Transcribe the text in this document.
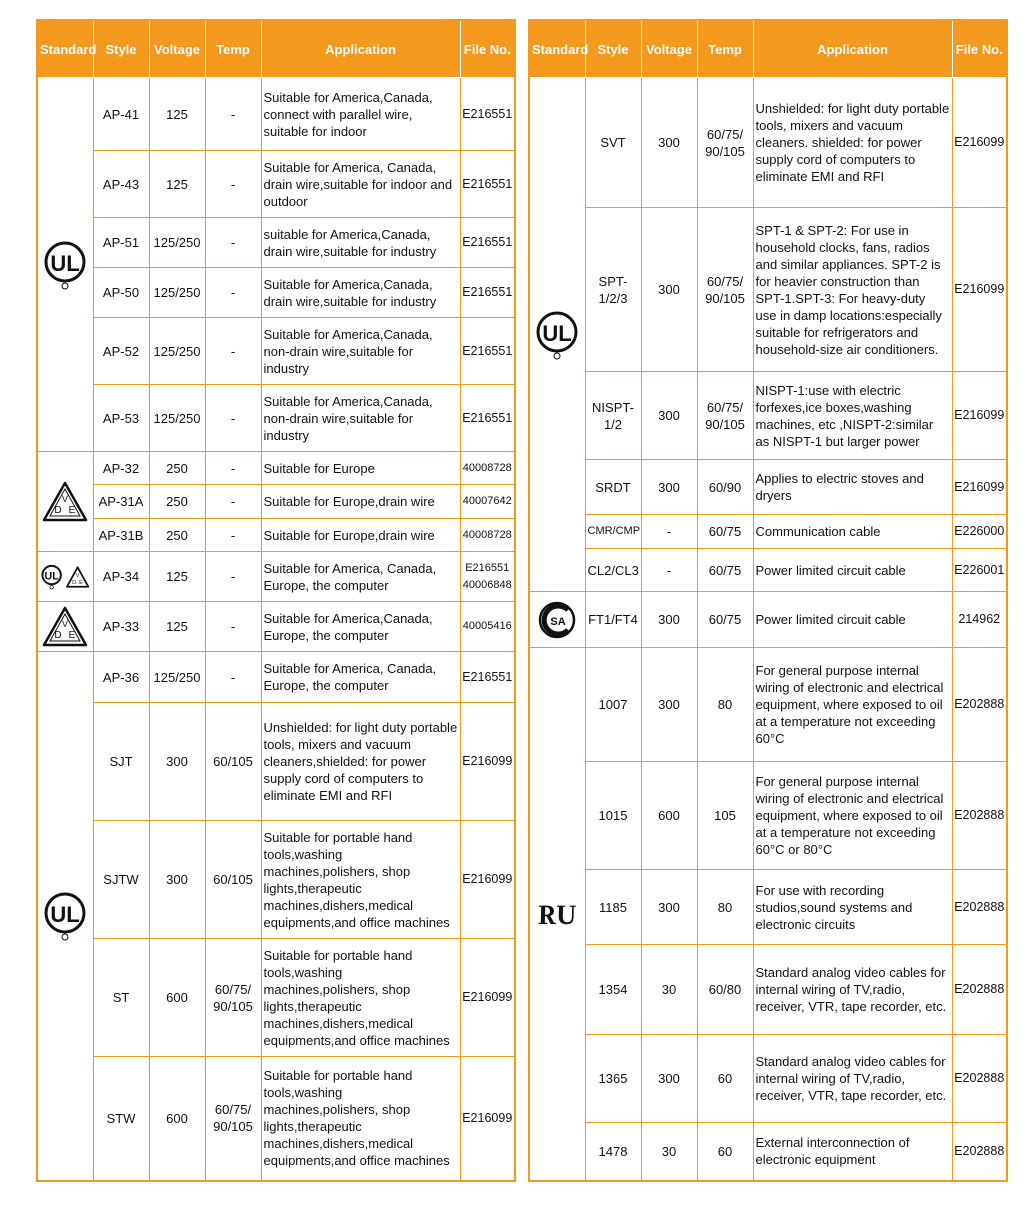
Standard	Style	Voltage	Temp	Application	File No.

UL	AP-41	125	-	Suitable for America,Canada, connect with parallel wire, suitable for indoor	E216551
	AP-43	125	-	Suitable for America, Canada, drain wire,suitable for indoor and outdoor	E216551
	AP-51	125/250	-	suitable for America,Canada, drain wire,suitable for industry	E216551
	AP-50	125/250	-	Suitable for America,Canada, drain wire,suitable for industry	E216551
	AP-52	125/250	-	Suitable for America,Canada, non-drain wire,suitable for industry	E216551
	AP-53	125/250	-	Suitable for America,Canada, non-drain wire,suitable for industry	E216551

V
D E	AP-32	250	-	Suitable for Europe	40008728
	AP-31A	250	-	Suitable for Europe,drain wire	40007642
	AP-31B	250	-	Suitable for Europe,drain wire	40008728

UL V
D E	AP-34	125	-	Suitable for America, Canada, Europe, the computer	E216551
40006848

V
D E	AP-33	125	-	Suitable for America,Canada, Europe, the computer	40005416

UL	AP-36	125/250	-	Suitable for America, Canada, Europe, the computer	E216551
	SJT	300	60/105	Unshielded: for light duty portable tools, mixers and vacuum cleaners,shielded: for power supply cord of computers to eliminate EMI and RFI	E216099
	SJTW	300	60/105	Suitable for portable hand tools,washing machines,polishers, shop lights,therapeutic machines,dishers,medical equipments,and office machines	E216099
	ST	600	60/75/ 90/105	Suitable for portable hand tools,washing machines,polishers, shop lights,therapeutic machines,dishers,medical equipments,and office machines	E216099
	STW	600	60/75/ 90/105	Suitable for portable hand tools,washing machines,polishers, shop lights,therapeutic machines,dishers,medical equipments,and office machines	E216099
Standard	Style	Voltage	Temp	Application	File No.

UL	SVT	300	60/75/ 90/105	Unshielded: for light duty portable tools, mixers and vacuum cleaners. shielded: for power supply cord of computers to eliminate EMI and RFI	E216099
	SPT- 1/2/3	300	60/75/ 90/105	SPT-1 & SPT-2: For use in household clocks, fans, radios and similar appliances. SPT-2 is for heavier construction than SPT-1.SPT-3: For heavy-duty use in damp locations:especially suitable for refrigerators and household-size air conditioners.	E216099
	NISPT- 1/2	300	60/75/ 90/105	NISPT-1:use with electric forfexes,ice boxes,washing machines, etc ,NISPT-2:similar as NISPT-1 but larger power	E216099
	SRDT	300	60/90	Applies to electric stoves and dryers	E216099
	CMR/CMP	-	60/75	Communication cable	E226000
	CL2/CL3	-	60/75	Power limited circuit cable	E226001

SA	FT1/FT4	300	60/75	Power limited circuit cable	214962

RU	1007	300	80	For general purpose internal wiring of electronic and electrical equipment, where exposed to oil at a temperature not exceeding 60°C	E202888
	1015	600	105	For general purpose internal wiring of electronic and electrical equipment, where exposed to oil at a temperature not exceeding 60°C or 80°C	E202888
	1185	300	80	For use with recording studios,sound systems and electronic circuits	E202888
	1354	30	60/80	Standard analog video cables for internal wiring of TV,radio, receiver, VTR, tape recorder, etc.	E202888
	1365	300	60	Standard analog video cables for internal wiring of TV,radio, receiver, VTR, tape recorder, etc.	E202888
	1478	30	60	External interconnection of electronic equipment	E202888
